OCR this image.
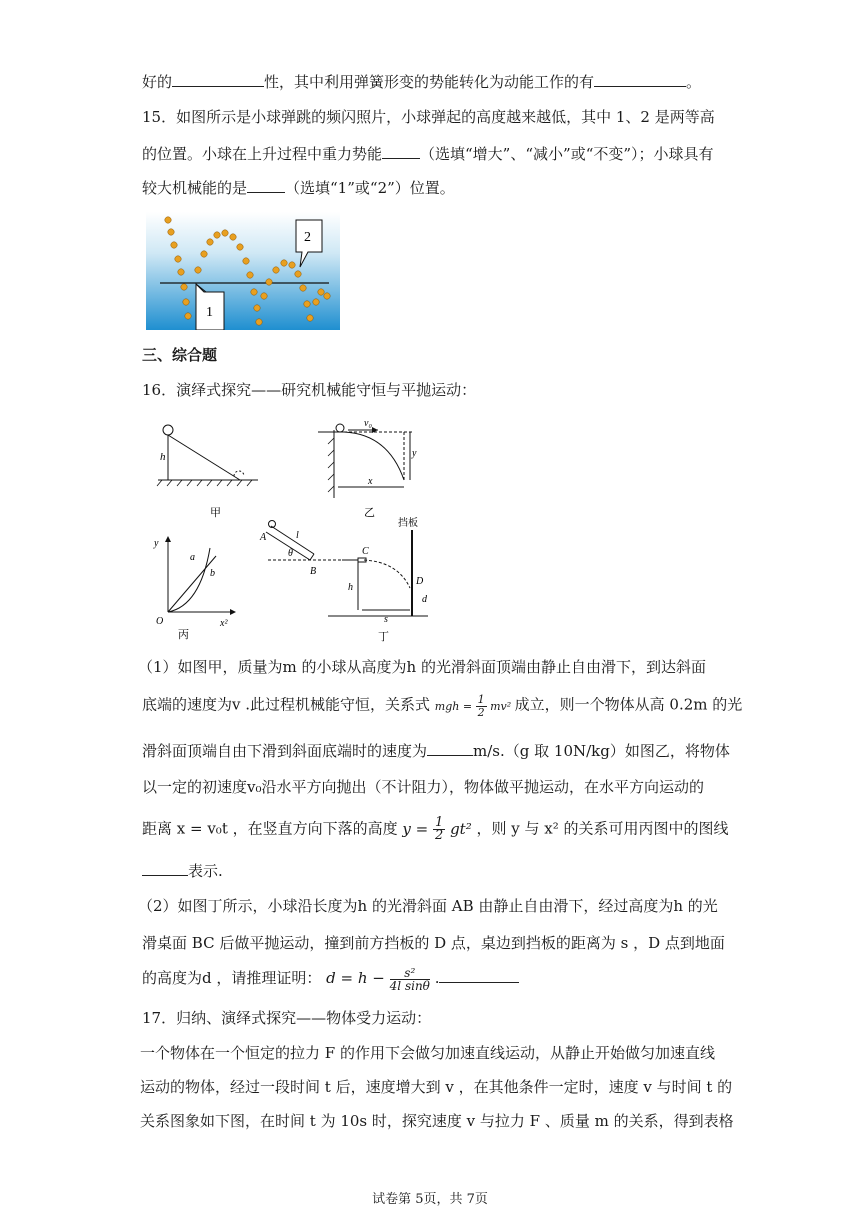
好的	性，其中利用弹簧形变的势能转化为动能工作的有	。
15．如图所示是小球弹跳的频闪照片，小球弹起的高度越来越低，其中 1、2 是两等高
的位置。小球在上升过程中重力势能	（选填“增大”、“减小”或“不变”）；小球具有
较大机械能的是	（选填“1”或“2”）位置。
1
2
三、综合题
16．演绎式探究——研究机械能守恒与平抛运动：
h
甲
v₀
x
y
乙
y
x²
O
a
b
丙
A	l
θ
B
C
挡板
D
d
h
s
丁
（1）如图甲，质量为m 的小球从高度为h 的光滑斜面顶端由静止自由滑下，到达斜面
底端的速度为v .此过程机械能守恒，关系式 mgh = $\frac{1}{2} mv^2$ 成立，则一个物体从高 0.2m 的光
滑斜面顶端自由下滑到斜面底端时的速度为	m/s.（g 取 10N/kg）如图乙，将物体
以一定的初速度v₀沿水平方向抛出（不计阻力），物体做平抛运动，在水平方向运动的
距离 x = v₀t ，在竖直方向下落的高度 $y = \frac{1}{2} gt^2$ ，则 y 与 x² 的关系可用丙图中的图线
表示.
（2）如图丁所示，小球沿长度为h 的光滑斜面 AB 由静止自由滑下，经过高度为h 的光
滑桌面 BC 后做平抛运动，撞到前方挡板的 D 点，桌边到挡板的距离为 s ，D 点到地面
的高度为d ，请推理证明： $d = h - \frac{\text{s²}}{\text{4l sinθ}}$ .
17．归纳、演绎式探究——物体受力运动：
一个物体在一个恒定的拉力 F 的作用下会做匀加速直线运动，从静止开始做匀加速直线
运动的物体，经过一段时间 t 后，速度增大到 v ，在其他条件一定时，速度 v 与时间 t 的
关系图象如下图，在时间 t 为 10s 时，探究速度 v 与拉力 F 、质量 m 的关系，得到表格
试卷第 5页，共 7页
